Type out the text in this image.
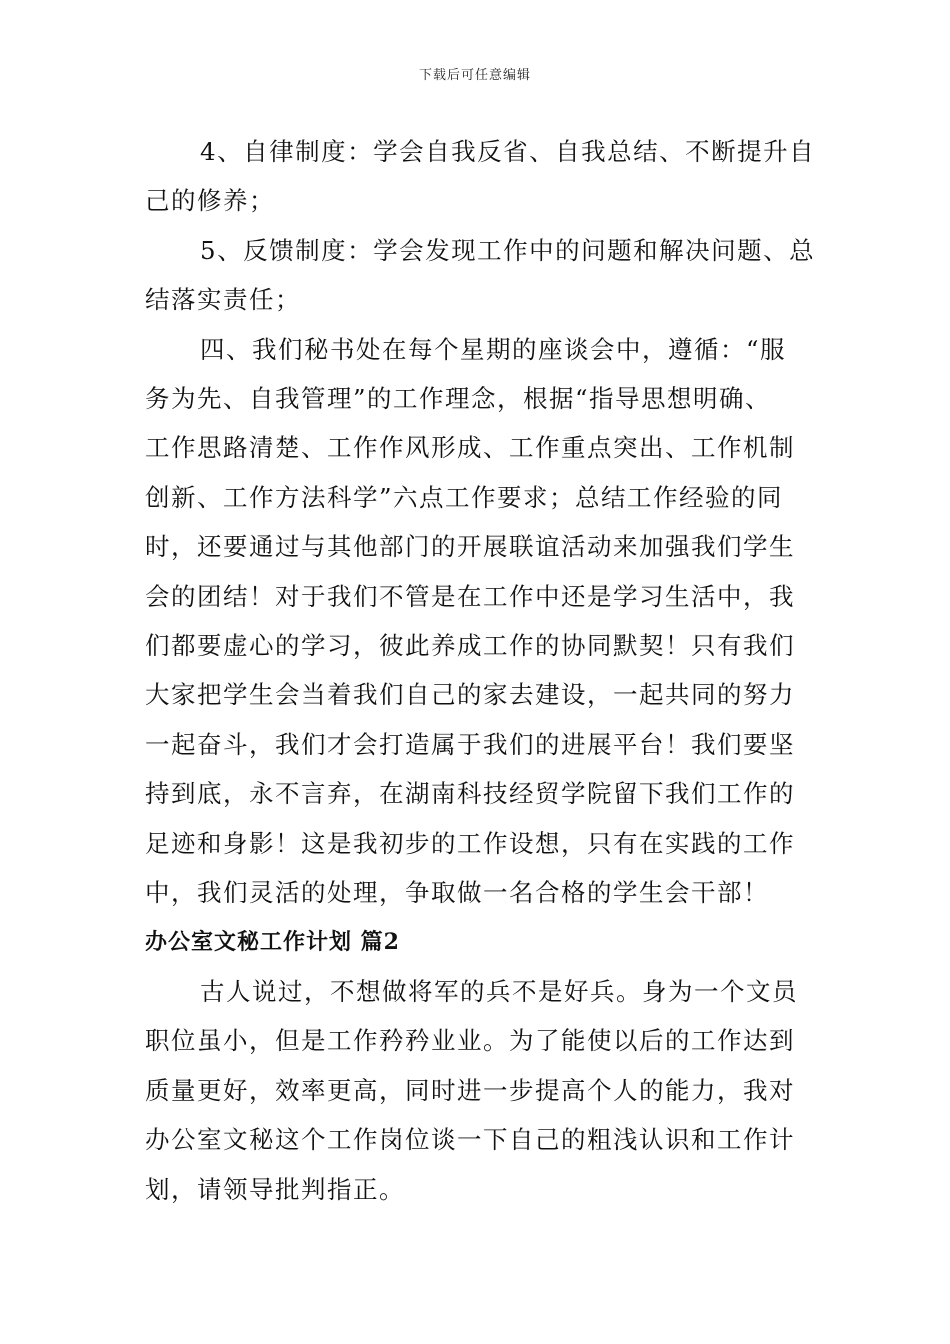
下载后可任意编辑

4、自律制度：学会自我反省、自我总结、不断提升自
己的修养；

5、反馈制度：学会发现工作中的问题和解决问题、总
结落实责任；

四、我们秘书处在每个星期的座谈会中，遵循：“服
务为先、自我管理”的工作理念，根据“指导思想明确、
工作思路清楚、工作作风形成、工作重点突出、工作机制
创新、工作方法科学”六点工作要求；总结工作经验的同
时，还要通过与其他部门的开展联谊活动来加强我们学生
会的团结！对于我们不管是在工作中还是学习生活中，我
们都要虚心的学习，彼此养成工作的协同默契！只有我们
大家把学生会当着我们自己的家去建设，一起共同的努力
一起奋斗，我们才会打造属于我们的进展平台！我们要坚
持到底，永不言弃，在湖南科技经贸学院留下我们工作的
足迹和身影！这是我初步的工作设想，只有在实践的工作
中，我们灵活的处理，争取做一名合格的学生会干部！

办公室文秘工作计划 篇2

古人说过，不想做将军的兵不是好兵。身为一个文员
职位虽小，但是工作矜矜业业。为了能使以后的工作达到
质量更好，效率更高，同时进一步提高个人的能力，我对
办公室文秘这个工作岗位谈一下自己的粗浅认识和工作计
划，请领导批判指正。
